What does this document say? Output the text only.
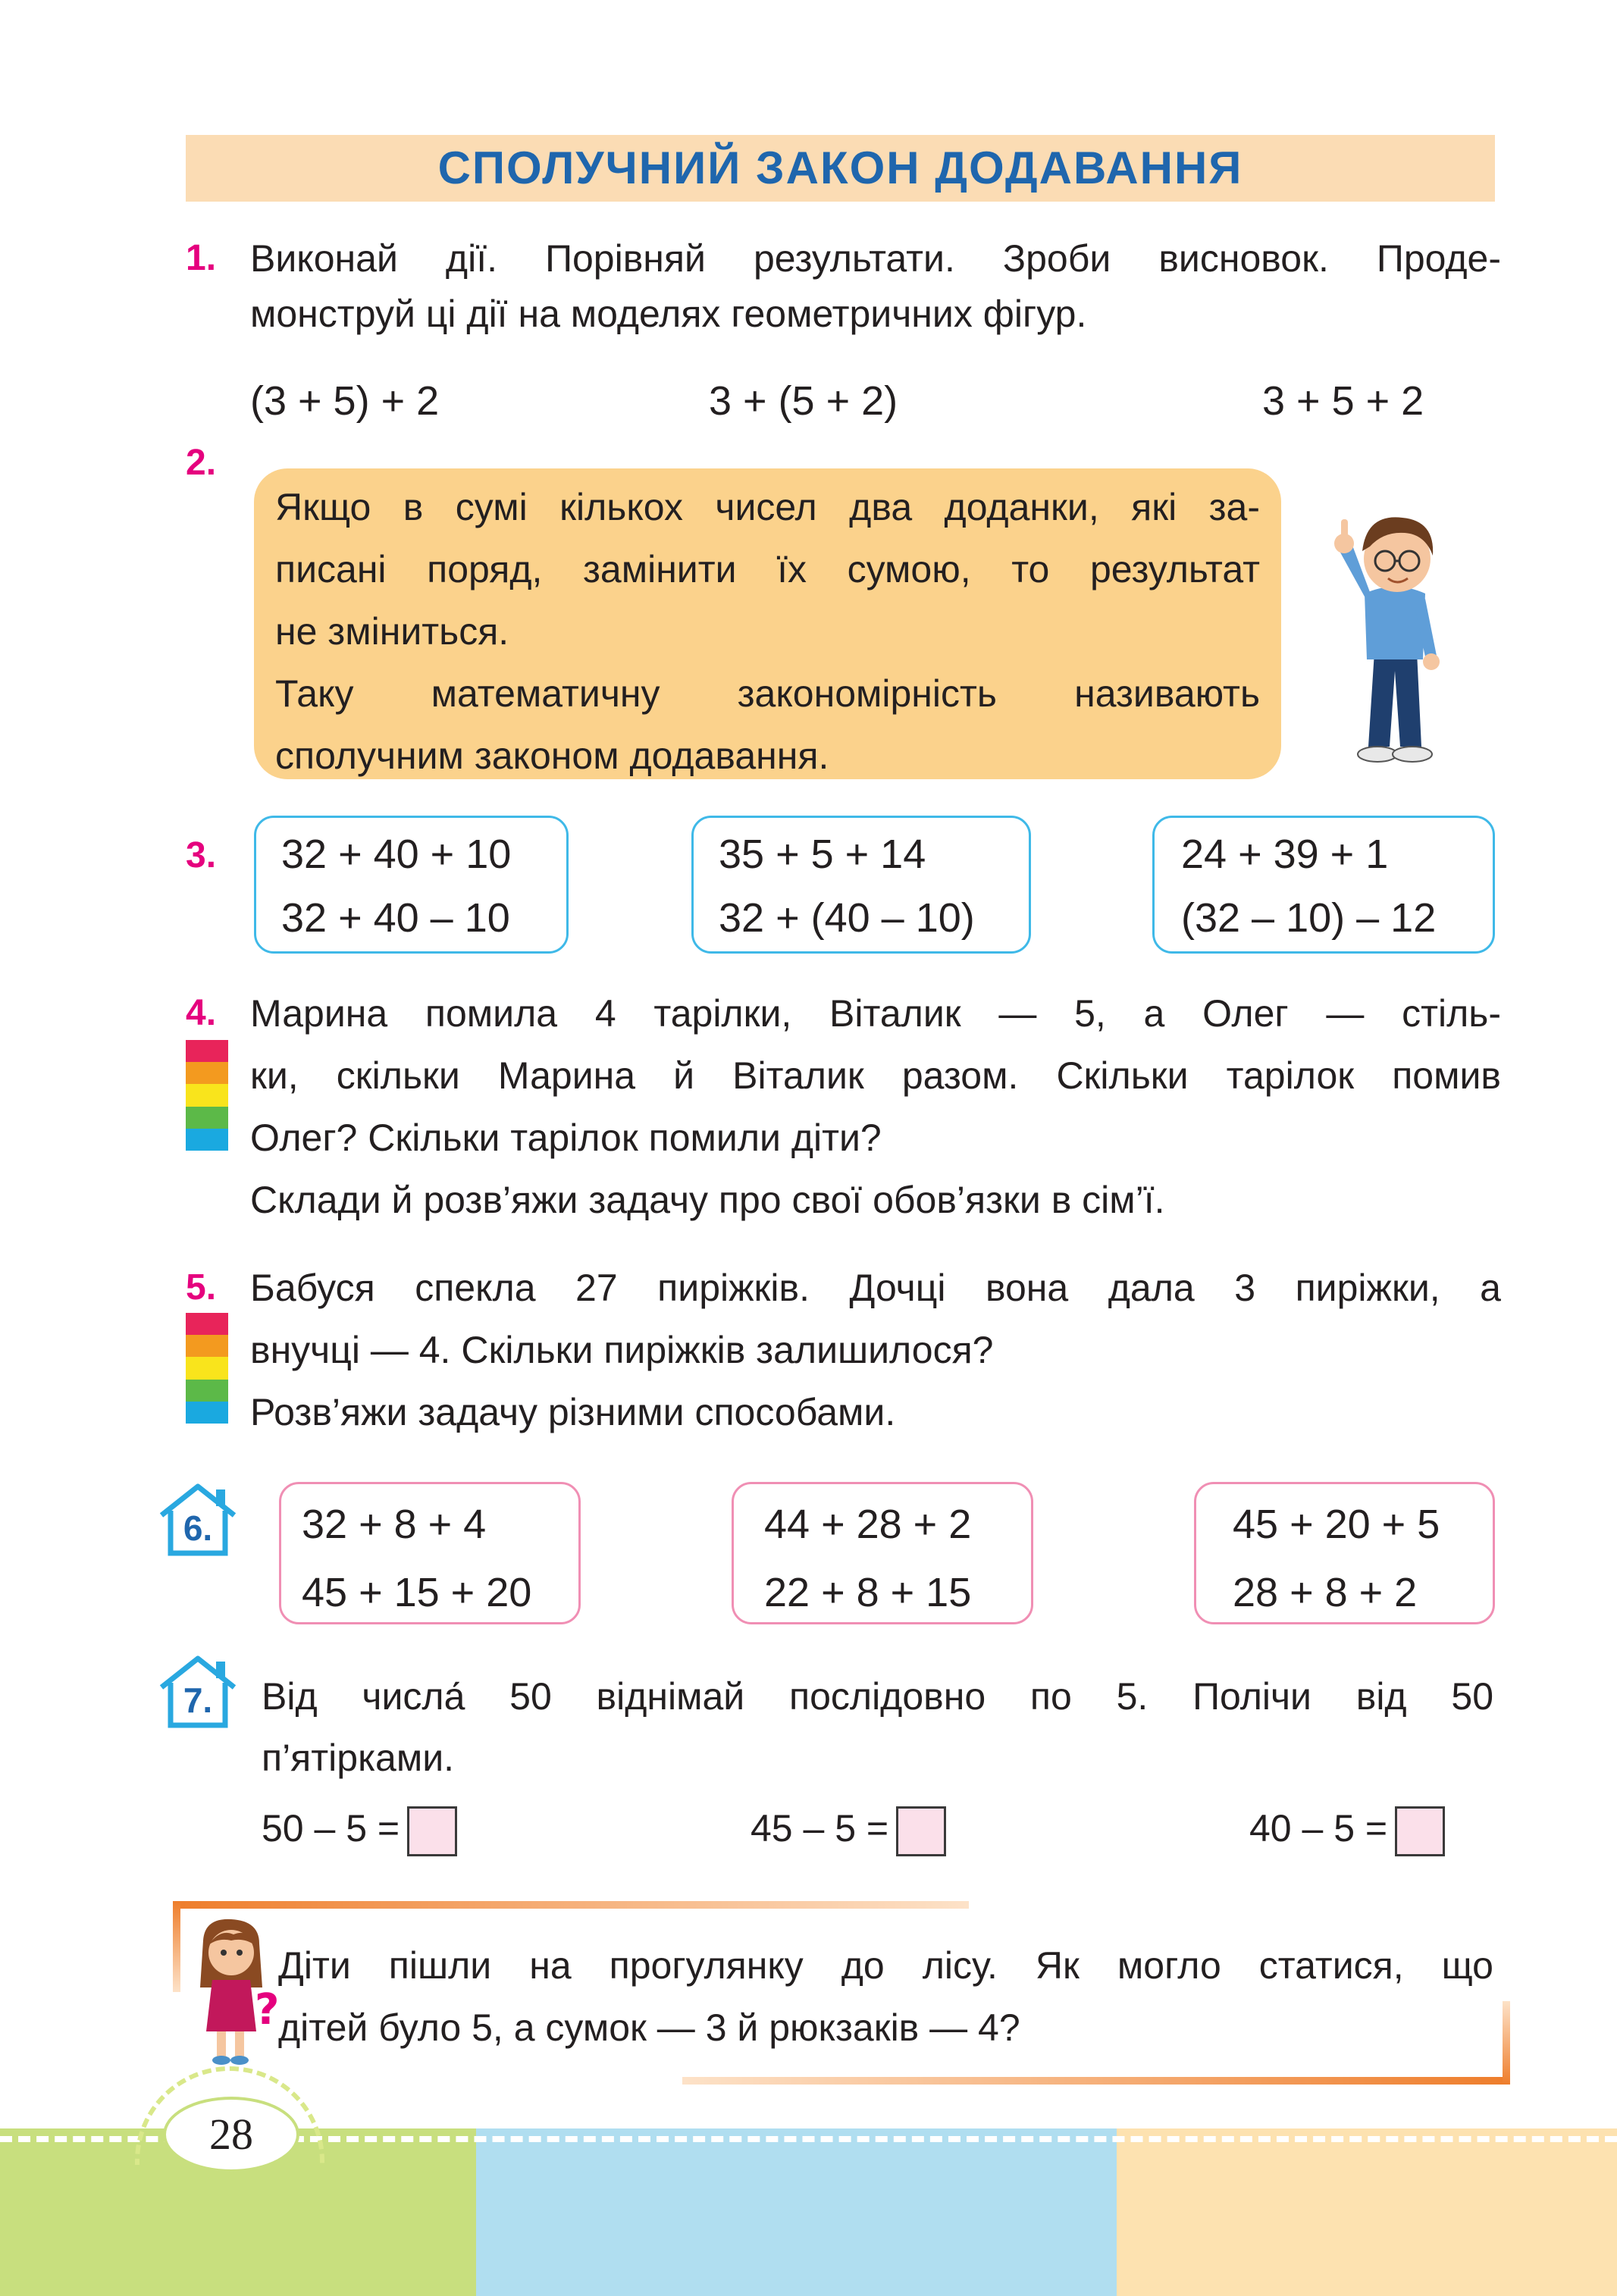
СПОЛУЧНИЙ ЗАКОН ДОДАВАННЯ
1. Виконай дії. Порівняй результати. Зроби висновок. Проде-
монструй ці дії на моделях геометричних фігур.
(3 + 5) + 2	3 + (5 + 2)	3 + 5 + 2
2.
Якщо в сумі кількох чисел два доданки, які за-
писані поряд, замінити їх сумою, то результат
не зміниться.
Таку математичну закономірність називають
сполучним законом додавання.
3. 32 + 40 + 10
32 + 40 – 10
35 + 5 + 14
32 + (40 – 10)
24 + 39 + 1
(32 – 10) – 12
4. Марина помила 4 тарілки, Віталик — 5, а Олег — стіль-
ки, скільки Марина й Віталик разом. Скільки тарілок помив
Олег? Скільки тарілок помили діти?
Склади й розв’яжи задачу про свої обов’язки в сім’ї.
5. Бабуся спекла 27 пиріжків. Дочці вона дала 3 пиріжки, а
внучці — 4. Скільки пиріжків залишилося?
Розв’яжи задачу різними способами.
6.	32 + 8 + 4
45 + 15 + 20
44 + 28 + 2
22 + 8 + 15
45 + 20 + 5
28 + 8 + 2
7.	Від числа́ 50 віднімай послідовно по 5. Полічи від 50
п’ятірками.
50 – 5 =	45 – 5 =	40 – 5 =
?
Діти пішли на прогулянку до лісу. Як могло статися, що
дітей було 5, а сумок — 3 й рюкзаків — 4?
28
